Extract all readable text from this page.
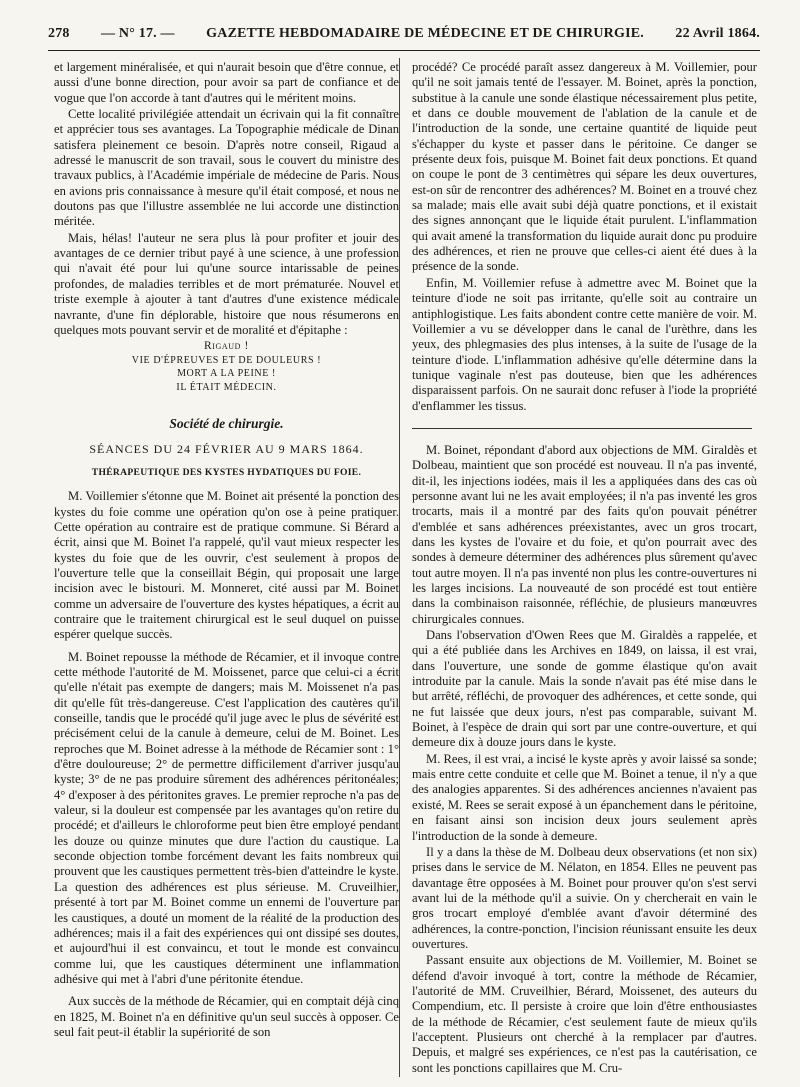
278 — N° 17. — GAZETTE HEBDOMADAIRE DE MÉDECINE ET DE CHIRURGIE. 22 Avril 1864.

et largement minéralisée, et qui n'aurait besoin que d'être connue, et aussi d'une bonne direction, pour avoir sa part de confiance et de vogue que l'on accorde à tant d'autres qui le méritent moins.

Cette localité privilégiée attendait un écrivain qui la fit connaître et apprécier tous ses avantages. La Topographie médicale de Dinan satisfera pleinement ce besoin. D'après notre conseil, Rigaud a adressé le manuscrit de son travail, sous le couvert du ministre des travaux publics, à l'Académie impériale de médecine de Paris. Nous en avions pris connaissance à mesure qu'il était composé, et nous ne doutons pas que l'illustre assemblée ne lui accorde une distinction méritée.

Mais, hélas! l'auteur ne sera plus là pour profiter et jouir des avantages de ce dernier tribut payé à une science, à une profession qui n'avait été pour lui qu'une source intarissable de peines profondes, de maladies terribles et de mort prématurée. Nouvel et triste exemple à ajouter à tant d'autres d'une existence médicale navrante, d'une fin déplorable, histoire que nous résumerons en quelques mots pouvant servir et de moralité et d'épitaphe :

Rigaud !
VIE D'ÉPREUVES ET DE DOULEURS !
MORT A LA PEINE !
IL ÉTAIT MÉDECIN.
Société de chirurgie.
SÉANCES DU 24 FÉVRIER AU 9 MARS 1864.
THÉRAPEUTIQUE DES KYSTES HYDATIQUES DU FOIE.

M. Voillemier s'étonne que M. Boinet ait présenté la ponction des kystes du foie comme une opération qu'on ose à peine pratiquer. Cette opération au contraire est de pratique commune. Si Bérard a écrit, ainsi que M. Boinet l'a rappelé, qu'il vaut mieux respecter les kystes du foie que de les ouvrir, c'est seulement à propos de l'ouverture telle que la conseillait Bégin, qui proposait une large incision avec le bistouri. M. Monneret, cité aussi par M. Boinet comme un adversaire de l'ouverture des kystes hépatiques, a écrit au contraire que le traitement chirurgical est le seul duquel on puisse espérer quelque succès.

M. Boinet repousse la méthode de Récamier, et il invoque contre cette méthode l'autorité de M. Moissenet, parce que celui-ci a écrit qu'elle n'était pas exempte de dangers; mais M. Moissenet n'a pas dit qu'elle fût très-dangereuse. C'est l'application des cautères qu'il conseille, tandis que le procédé qu'il juge avec le plus de sévérité est précisément celui de la canule à demeure, celui de M. Boinet. Les reproches que M. Boinet adresse à la méthode de Récamier sont : 1° d'être douloureuse; 2° de permettre difficilement d'arriver jusqu'au kyste; 3° de ne pas produire sûrement des adhérences péritonéales; 4° d'exposer à des péritonites graves. Le premier reproche n'a pas de valeur, si la douleur est compensée par les avantages qu'on retire du procédé; et d'ailleurs le chloroforme peut bien être employé pendant les douze ou quinze minutes que dure l'action du caustique. La seconde objection tombe forcément devant les faits nombreux qui prouvent que les caustiques permettent très-bien d'atteindre le kyste. La question des adhérences est plus sérieuse. M. Cruveilhier, présenté à tort par M. Boinet comme un ennemi de l'ouverture par les caustiques, a douté un moment de la réalité de la production des adhérences; mais il a fait des expériences qui ont dissipé ses doutes, et aujourd'hui il est convaincu, et tout le monde est convaincu comme lui, que les caustiques déterminent une inflammation adhésive qui met à l'abri d'une péritonite étendue.

Aux succès de la méthode de Récamier, qui en comptait déjà cinq en 1825, M. Boinet n'a en définitive qu'un seul succès à opposer. Ce seul fait peut-il établir la supériorité de son

procédé? Ce procédé paraît assez dangereux à M. Voillemier, pour qu'il ne soit jamais tenté de l'essayer. M. Boinet, après la ponction, substitue à la canule une sonde élastique nécessairement plus petite, et dans ce double mouvement de l'ablation de la canule et de l'introduction de la sonde, une certaine quantité de liquide peut s'échapper du kyste et passer dans le péritoine. Ce danger se présente deux fois, puisque M. Boinet fait deux ponctions. Et quand on coupe le pont de 3 centimètres qui sépare les deux ouvertures, est-on sûr de rencontrer des adhérences? M. Boinet en a trouvé chez sa malade; mais elle avait subi déjà quatre ponctions, et il existait des signes annonçant que le liquide était purulent. L'inflammation qui avait amené la transformation du liquide aurait donc pu produire des adhérences, et rien ne prouve que celles-ci aient été dues à la présence de la sonde.

Enfin, M. Voillemier refuse à admettre avec M. Boinet que la teinture d'iode ne soit pas irritante, qu'elle soit au contraire un antiphlogistique. Les faits abondent contre cette manière de voir. M. Voillemier a vu se développer dans le canal de l'urèthre, dans les yeux, des phlegmasies des plus intenses, à la suite de l'usage de la teinture d'iode. L'inflammation adhésive qu'elle détermine dans la tunique vaginale n'est pas douteuse, bien que les adhérences disparaissent parfois. On ne saurait donc refuser à l'iode la propriété d'enflammer les tissus.

M. Boinet, répondant d'abord aux objections de MM. Giraldès et Dolbeau, maintient que son procédé est nouveau. Il n'a pas inventé, dit-il, les injections iodées, mais il les a appliquées dans des cas où personne avant lui ne les avait employées; il n'a pas inventé les gros trocarts, mais il a montré par des faits qu'on pouvait pénétrer d'emblée et sans adhérences préexistantes, avec un gros trocart, dans les kystes de l'ovaire et du foie, et qu'on pourrait avec des sondes à demeure déterminer des adhérences plus sûrement qu'avec tout autre moyen. Il n'a pas inventé non plus les contre-ouvertures ni les larges incisions. La nouveauté de son procédé est tout entière dans la combinaison raisonnée, réfléchie, de plusieurs manœuvres chirurgicales connues.

Dans l'observation d'Owen Rees que M. Giraldès a rappelée, et qui a été publiée dans les Archives en 1849, on laissa, il est vrai, dans l'ouverture, une sonde de gomme élastique qu'on avait introduite par la canule. Mais la sonde n'avait pas été mise dans le but arrêté, réfléchi, de provoquer des adhérences, et cette sonde, qui ne fut laissée que deux jours, n'est pas comparable, suivant M. Boinet, à l'espèce de drain qui sort par une contre-ouverture, et qui demeure dix à douze jours dans le kyste.

M. Rees, il est vrai, a incisé le kyste après y avoir laissé sa sonde; mais entre cette conduite et celle que M. Boinet a tenue, il n'y a que des analogies apparentes. Si des adhérences anciennes n'avaient pas existé, M. Rees se serait exposé à un épanchement dans le péritoine, en faisant ainsi son incision deux jours seulement après l'introduction de la sonde à demeure.

Il y a dans la thèse de M. Dolbeau deux observations (et non six) prises dans le service de M. Nélaton, en 1854. Elles ne peuvent pas davantage être opposées à M. Boinet pour prouver qu'on s'est servi avant lui de la méthode qu'il a suivie. On y chercherait en vain le gros trocart employé d'emblée avant d'avoir déterminé des adhérences, la contre-ponction, l'incision réunissant ensuite les deux ouvertures.

Passant ensuite aux objections de M. Voillemier, M. Boinet se défend d'avoir invoqué à tort, contre la méthode de Récamier, l'autorité de MM. Cruveilhier, Bérard, Moissenet, des auteurs du Compendium, etc. Il persiste à croire que loin d'être enthousiastes de la méthode de Récamier, c'est seulement faute de mieux qu'ils l'acceptent. Plusieurs ont cherché à la remplacer par d'autres. Depuis, et malgré ses expériences, ce n'est pas la cautérisation, ce sont les ponctions capillaires que M. Cru-
